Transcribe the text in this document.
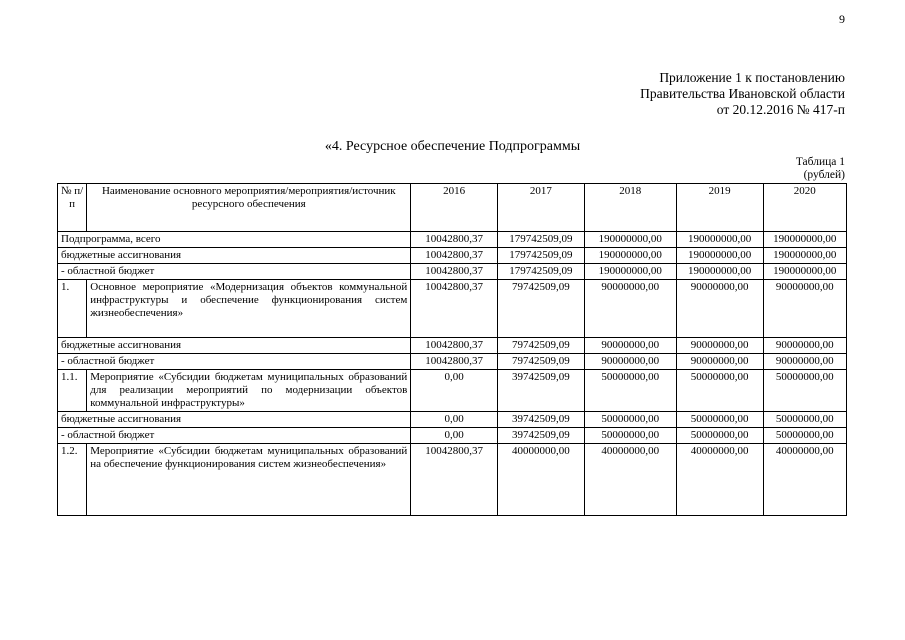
9
Приложение 1 к постановлению
Правительства Ивановской области
от 20.12.2016 № 417-п
«4. Ресурсное обеспечение Подпрограммы
Таблица 1
(рублей)
№ п/п	Наименование основного мероприятия/мероприятия/источник ресурсного обеспечения	2016	2017	2018	2019	2020
Подпрограмма, всего		10042800,37	179742509,09	190000000,00	190000000,00	190000000,00
бюджетные ассигнования		10042800,37	179742509,09	190000000,00	190000000,00	190000000,00
- областной бюджет		10042800,37	179742509,09	190000000,00	190000000,00	190000000,00
1.	Основное мероприятие «Модернизация объектов коммунальной инфраструктуры и обеспечение функционирования систем жизнеобеспечения»	10042800,37	79742509,09	90000000,00	90000000,00	90000000,00
бюджетные ассигнования		10042800,37	79742509,09	90000000,00	90000000,00	90000000,00
- областной бюджет		10042800,37	79742509,09	90000000,00	90000000,00	90000000,00
1.1.	Мероприятие «Субсидии бюджетам муниципальных образований для реализации мероприятий по модернизации объектов коммунальной инфраструктуры»	0,00	39742509,09	50000000,00	50000000,00	50000000,00
бюджетные ассигнования		0,00	39742509,09	50000000,00	50000000,00	50000000,00
- областной бюджет		0,00	39742509,09	50000000,00	50000000,00	50000000,00
1.2.	Мероприятие «Субсидии бюджетам муниципальных образований на обеспечение функционирования систем жизнеобеспечения»	10042800,37	40000000,00	40000000,00	40000000,00	40000000,00
